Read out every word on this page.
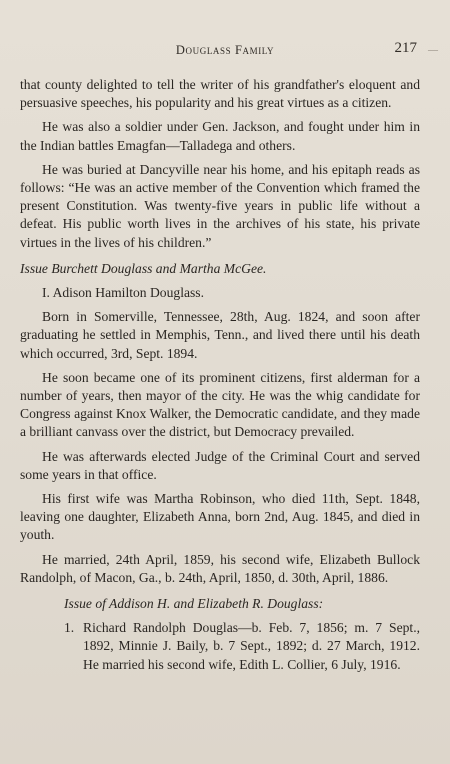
Douglass Family	217 —

that county delighted to tell the writer of his grandfather's eloquent and persuasive speeches, his popularity and his great virtues as a citizen.

He was also a soldier under Gen. Jackson, and fought under him in the Indian battles Emagfan—Talladega and others.

He was buried at Dancyville near his home, and his epitaph reads as follows: “He was an active member of the Convention which framed the present Constitution. Was twenty-five years in public life without a defeat. His public worth lives in the archives of his state, his private virtues in the lives of his children.”

Issue Burchett Douglass and Martha McGee.

I. Adison Hamilton Douglass.

Born in Somerville, Tennessee, 28th, Aug. 1824, and soon after graduating he settled in Memphis, Tenn., and lived there until his death which occurred, 3rd, Sept. 1894.

He soon became one of its prominent citizens, first alderman for a number of years, then mayor of the city. He was the whig candidate for Congress against Knox Walker, the Democratic candidate, and they made a brilliant canvass over the district, but Democracy prevailed.

He was afterwards elected Judge of the Criminal Court and served some years in that office.

His first wife was Martha Robinson, who died 11th, Sept. 1848, leaving one daughter, Elizabeth Anna, born 2nd, Aug. 1845, and died in youth.

He married, 24th April, 1859, his second wife, Elizabeth Bullock Randolph, of Macon, Ga., b. 24th, April, 1850, d. 30th, April, 1886.

Issue of Addison H. and Elizabeth R. Douglass:
1. Richard Randolph Douglas—b. Feb. 7, 1856; m. 7 Sept., 1892, Minnie J. Baily, b. 7 Sept., 1892; d. 27 March, 1912. He married his second wife, Edith L. Collier, 6 July, 1916.
